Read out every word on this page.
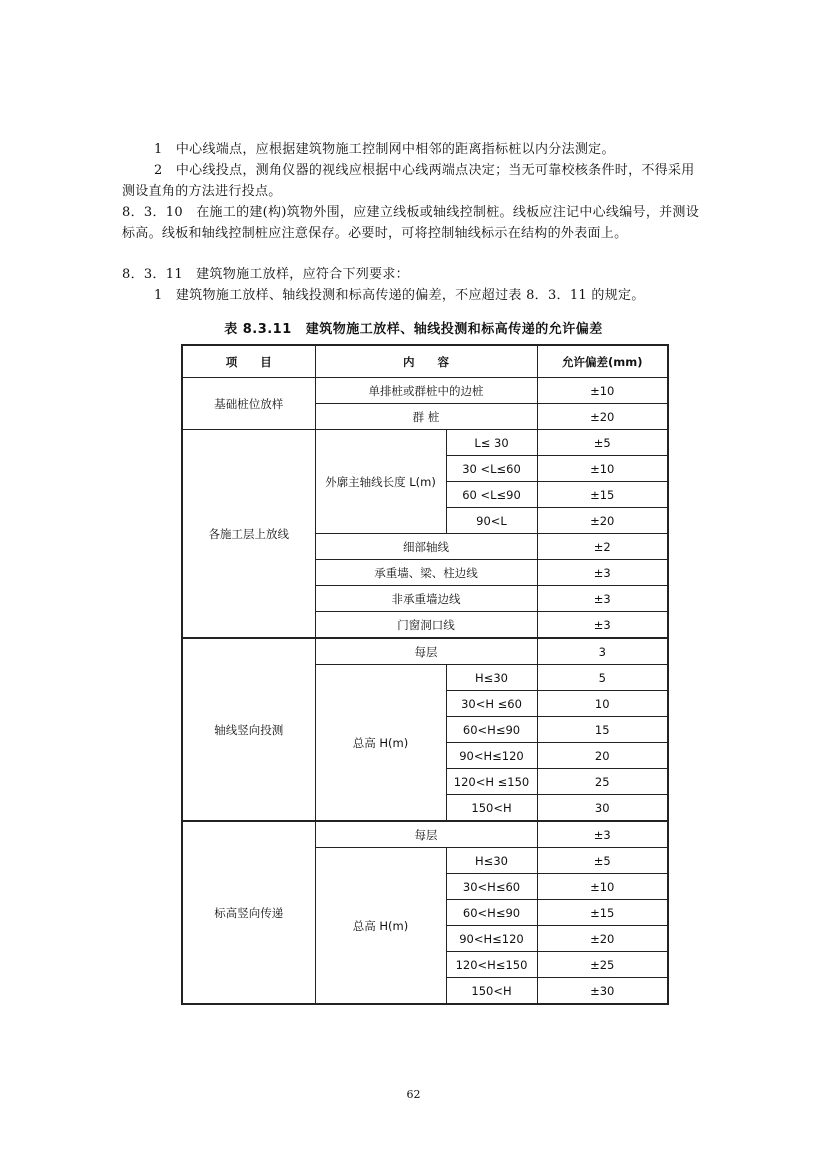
1　中心线端点，应根据建筑物施工控制网中相邻的距离指标桩以内分法测定。
2　中心线投点，测角仪器的视线应根据中心线两端点决定；当无可靠校核条件时，不得采用测设直角的方法进行投点。
8．3．10　在施工的建(构)筑物外围，应建立线板或轴线控制桩。线板应注记中心线编号，并测设标高。线板和轴线控制桩应注意保存。必要时，可将控制轴线标示在结构的外表面上。
8．3．11　建筑物施工放样，应符合下列要求：
1　建筑物施工放样、轴线投测和标高传递的偏差，不应超过表 8．3．11 的规定。
表 8.3.11 建筑物施工放样、轴线投测和标高传递的允许偏差
项　　目	内　　容		允许偏差(mm)
基础桩位放样	单排桩或群桩中的边桩		±10
	群 桩		±20
各施工层上放线	外廓主轴线长度 L(m)	L≤ 30	±5
		30 <L≤60	±10
		60 <L≤90	±15
		90<L	±20
	细部轴线		±2
	承重墙、梁、柱边线		±3
	非承重墙边线		±3
	门窗洞口线		±3
轴线竖向投测	每层		3
	总高 H(m)	H≤30	5
		30<H ≤60	10
		60<H≤90	15
		90<H≤120	20
		120<H ≤150	25
		150<H	30
标高竖向传递	每层		±3
	总高 H(m)	H≤30	±5
		30<H≤60	±10
		60<H≤90	±15
		90<H≤120	±20
		120<H≤150	±25
		150<H	±30
62
